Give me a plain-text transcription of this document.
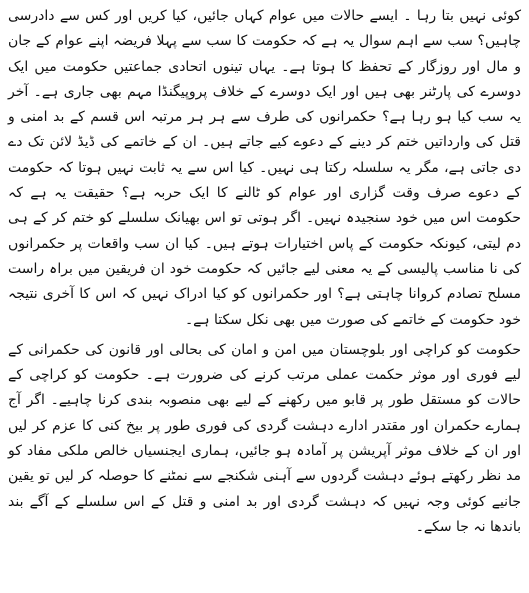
کوئی نہیں بتا رہا ۔ ایسے حالات میں عوام کہاں جائیں، کیا کریں اور کس سے دادرسی چاہیں؟ سب سے اہم سوال یہ ہے کہ حکومت کا سب سے پہلا فریضہ اپنے عوام کے جان و مال اور روزگار کے تحفظ کا ہوتا ہے۔ یہاں تینوں اتحادی جماعتیں حکومت میں ایک دوسرے کی پارٹنر بھی ہیں اور ایک دوسرے کے خلاف پروپیگنڈا مہم بھی جاری ہے۔ آخر یہ سب کیا ہو رہا ہے؟ حکمرانوں کی طرف سے ہر ہر مرتبہ اس قسم کے بد امنی و قتل کی وارداتیں ختم کر دینے کے دعوے کیے جاتے ہیں۔ ان کے خاتمے کی ڈیڈ لائن تک دے دی جاتی ہے، مگر یہ سلسلہ رکتا ہی نہیں۔ کیا اس سے یہ ثابت نہیں ہوتا کہ حکومت کے دعوے صرف وقت گزاری اور عوام کو ٹالنے کا ایک حربہ ہے؟ حقیقت یہ ہے کہ حکومت اس میں خود سنجیدہ نہیں۔ اگر ہوتی تو اس بھیانک سلسلے کو ختم کر کے ہی دم لیتی، کیونکہ حکومت کے پاس اختیارات ہوتے ہیں۔ کیا ان سب واقعات پر حکمرانوں کی نا مناسب پالیسی کے یہ معنی لیے جائیں کہ حکومت خود ان فریقین میں براہ راست مسلح تصادم کروانا چاہتی ہے؟ اور حکمرانوں کو کیا ادراک نہیں کہ اس کا آخری نتیجہ خود حکومت کے خاتمے کی صورت میں بھی نکل سکتا ہے۔

حکومت کو کراچی اور بلوچستان میں امن و امان کی بحالی اور قانون کی حکمرانی کے لیے فوری اور موثر حکمت عملی مرتب کرنے کی ضرورت ہے۔ حکومت کو کراچی کے حالات کو مستقل طور پر قابو میں رکھنے کے لیے بھی منصوبہ بندی کرنا چاہیے۔ اگر آج ہمارے حکمران اور مقتدر ادارے دہشت گردی کی فوری طور پر بیخ کنی کا عزم کر لیں اور ان کے خلاف موثر آپریشن پر آمادہ ہو جائیں، ہماری ایجنسیاں خالص ملکی مفاد کو مد نظر رکھتے ہوئے دہشت گردوں سے آہنی شکنجے سے نمٹنے کا حوصلہ کر لیں تو یقین جانیے کوئی وجہ نہیں کہ دہشت گردی اور بد امنی و قتل کے اس سلسلے کے آگے بند باندھا نہ جا سکے۔
